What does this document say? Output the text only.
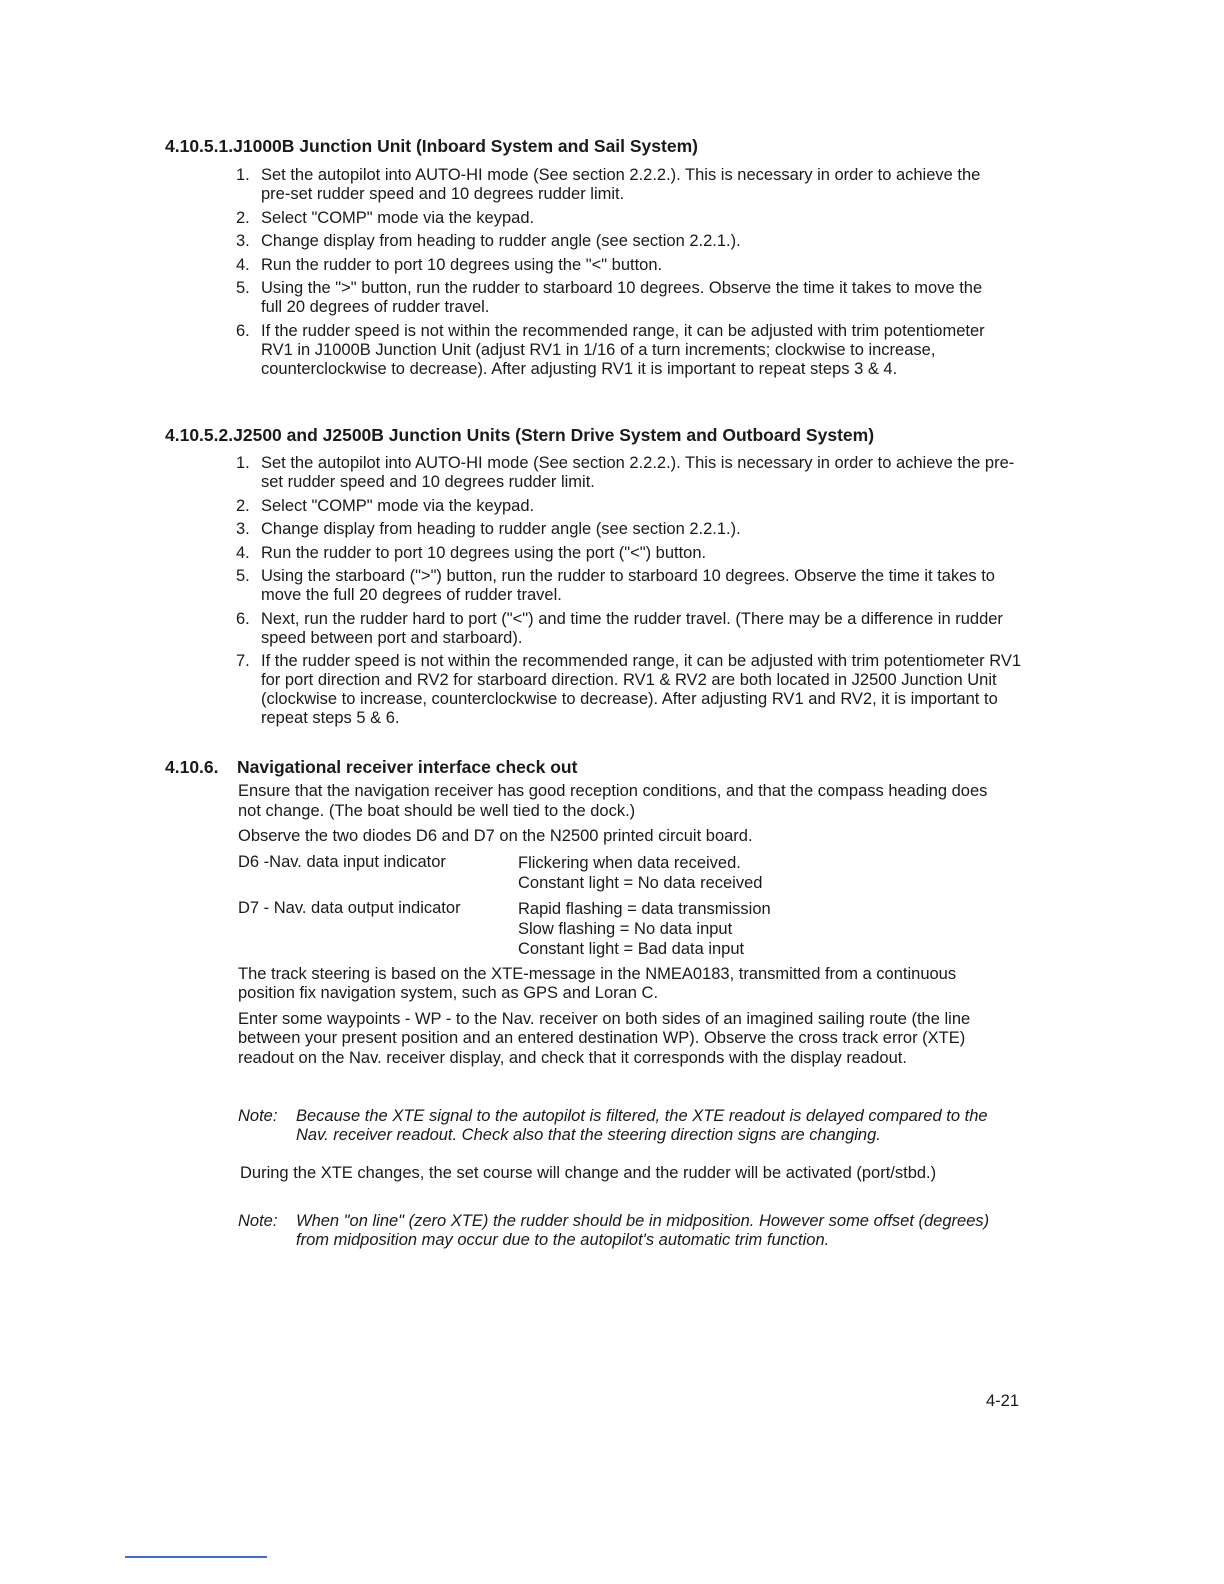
4.10.5.1.J1000B Junction Unit (Inboard System and Sail System)
1. Set the autopilot into AUTO-HI mode (See section 2.2.2.). This is necessary in order to achieve the pre-set rudder speed and 10 degrees rudder limit.
2. Select "COMP" mode via the keypad.
3. Change display from heading to rudder angle (see section 2.2.1.).
4. Run the rudder to port 10 degrees using the "<" button.
5. Using the ">" button, run the rudder to starboard 10 degrees. Observe the time it takes to move the full 20 degrees of rudder travel.
6. If the rudder speed is not within the recommended range, it can be adjusted with trim potentiometer RV1 in J1000B Junction Unit (adjust RV1 in 1/16 of a turn increments; clockwise to increase, counterclockwise to decrease). After adjusting RV1 it is important to repeat steps 3 & 4.
4.10.5.2.J2500 and J2500B Junction Units (Stern Drive System and Outboard System)
1. Set the autopilot into AUTO-HI mode (See section 2.2.2.). This is necessary in order to achieve the pre-set rudder speed and 10 degrees rudder limit.
2. Select "COMP" mode via the keypad.
3. Change display from heading to rudder angle (see section 2.2.1.).
4. Run the rudder to port 10 degrees using the port ("<") button.
5. Using the starboard (">") button, run the rudder to starboard 10 degrees. Observe the time it takes to move the full 20 degrees of rudder travel.
6. Next, run the rudder hard to port ("<") and time the rudder travel. (There may be a difference in rudder speed between port and starboard).
7. If the rudder speed is not within the recommended range, it can be adjusted with trim potentiometer RV1 for port direction and RV2 for starboard direction. RV1 & RV2 are both located in J2500 Junction Unit (clockwise to increase, counterclockwise to decrease). After adjusting RV1 and RV2, it is important to repeat steps 5 & 6.
4.10.6. Navigational receiver interface check out

Ensure that the navigation receiver has good reception conditions, and that the compass heading does not change. (The boat should be well tied to the dock.)

Observe the two diodes D6 and D7 on the N2500 printed circuit board.

D6 -Nav. data input indicator	Flickering when data received.
Constant light = No data received
D7 - Nav. data output indicator	Rapid flashing = data transmission
Slow flashing = No data input
Constant light = Bad data input

The track steering is based on the XTE-message in the NMEA0183, transmitted from a continuous position fix navigation system, such as GPS and Loran C.

Enter some waypoints - WP - to the Nav. receiver on both sides of an imagined sailing route (the line between your present position and an entered destination WP). Observe the cross track error (XTE) readout on the Nav. receiver display, and check that it corresponds with the display readout.

Note: Because the XTE signal to the autopilot is filtered, the XTE readout is delayed compared to the Nav. receiver readout. Check also that the steering direction signs are changing.
During the XTE changes, the set course will change and the rudder will be activated (port/stbd.)
Note: When "on line" (zero XTE) the rudder should be in midposition. However some offset (degrees) from midposition may occur due to the autopilot's automatic trim function.
4-21
